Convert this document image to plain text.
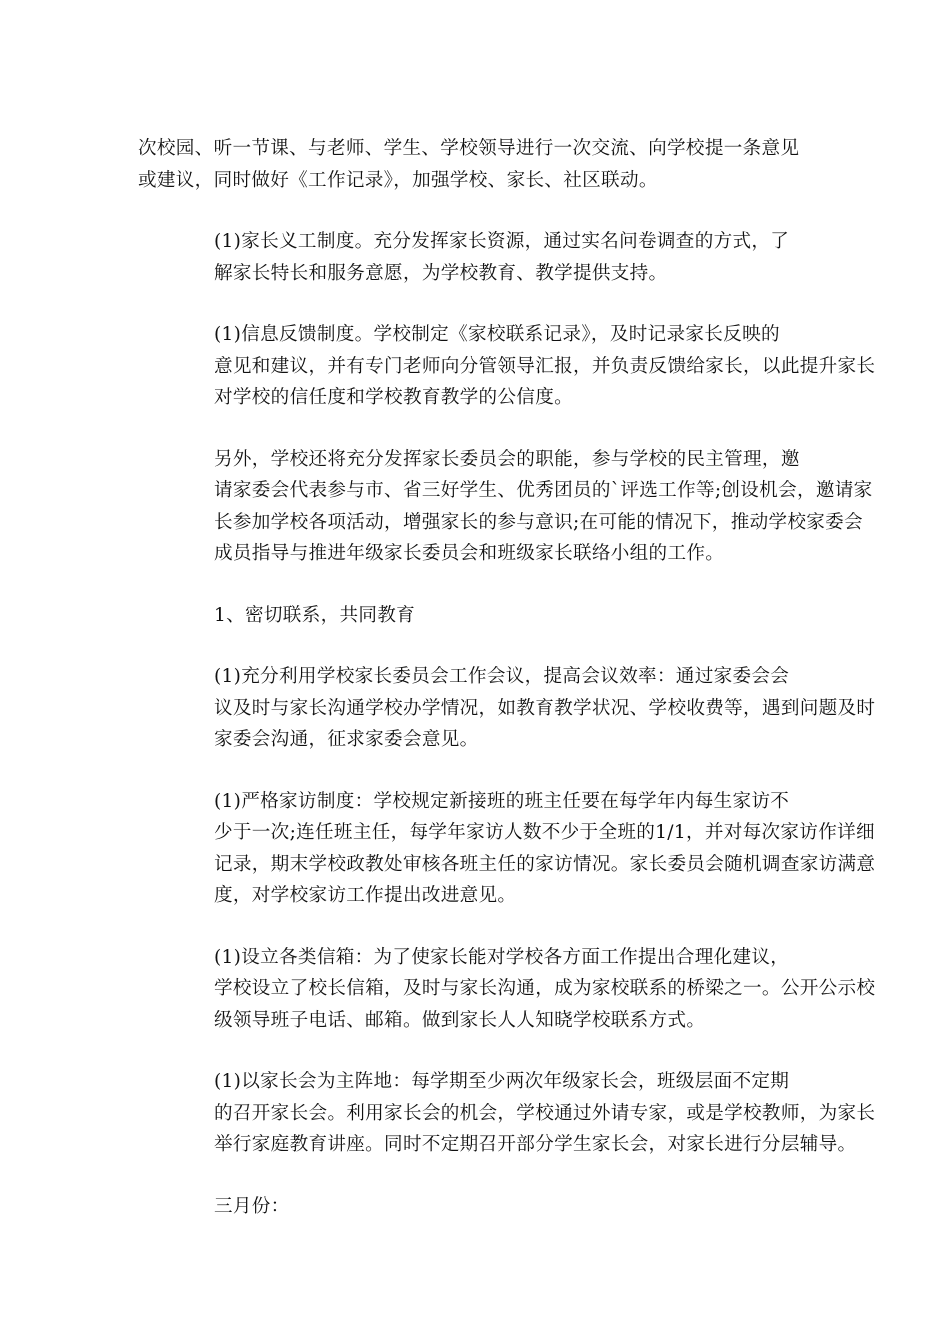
次校园、听一节课、与老师、学生、学校领导进行一次交流、向学校提一条意见
或建议，同时做好《工作记录》，加强学校、家长、社区联动。

(1)家长义工制度。充分发挥家长资源，通过实名问卷调查的方式，了
解家长特长和服务意愿，为学校教育、教学提供支持。

(1)信息反馈制度。学校制定《家校联系记录》，及时记录家长反映的
意见和建议，并有专门老师向分管领导汇报，并负责反馈给家长，以此提升家长
对学校的信任度和学校教育教学的公信度。

另外，学校还将充分发挥家长委员会的职能，参与学校的民主管理，邀
请家委会代表参与市、省三好学生、优秀团员的`评选工作等;创设机会，邀请家
长参加学校各项活动，增强家长的参与意识;在可能的情况下，推动学校家委会
成员指导与推进年级家长委员会和班级家长联络小组的工作。

1、密切联系，共同教育

(1)充分利用学校家长委员会工作会议，提高会议效率：通过家委会会
议及时与家长沟通学校办学情况，如教育教学状况、学校收费等，遇到问题及时
家委会沟通，征求家委会意见。

(1)严格家访制度：学校规定新接班的班主任要在每学年内每生家访不
少于一次;连任班主任，每学年家访人数不少于全班的1/1，并对每次家访作详细
记录，期末学校政教处审核各班主任的家访情况。家长委员会随机调查家访满意
度，对学校家访工作提出改进意见。

(1)设立各类信箱：为了使家长能对学校各方面工作提出合理化建议，
学校设立了校长信箱，及时与家长沟通，成为家校联系的桥梁之一。公开公示校
级领导班子电话、邮箱。做到家长人人知晓学校联系方式。

(1)以家长会为主阵地：每学期至少两次年级家长会，班级层面不定期
的召开家长会。利用家长会的机会，学校通过外请专家，或是学校教师，为家长
举行家庭教育讲座。同时不定期召开部分学生家长会，对家长进行分层辅导。

三月份：
